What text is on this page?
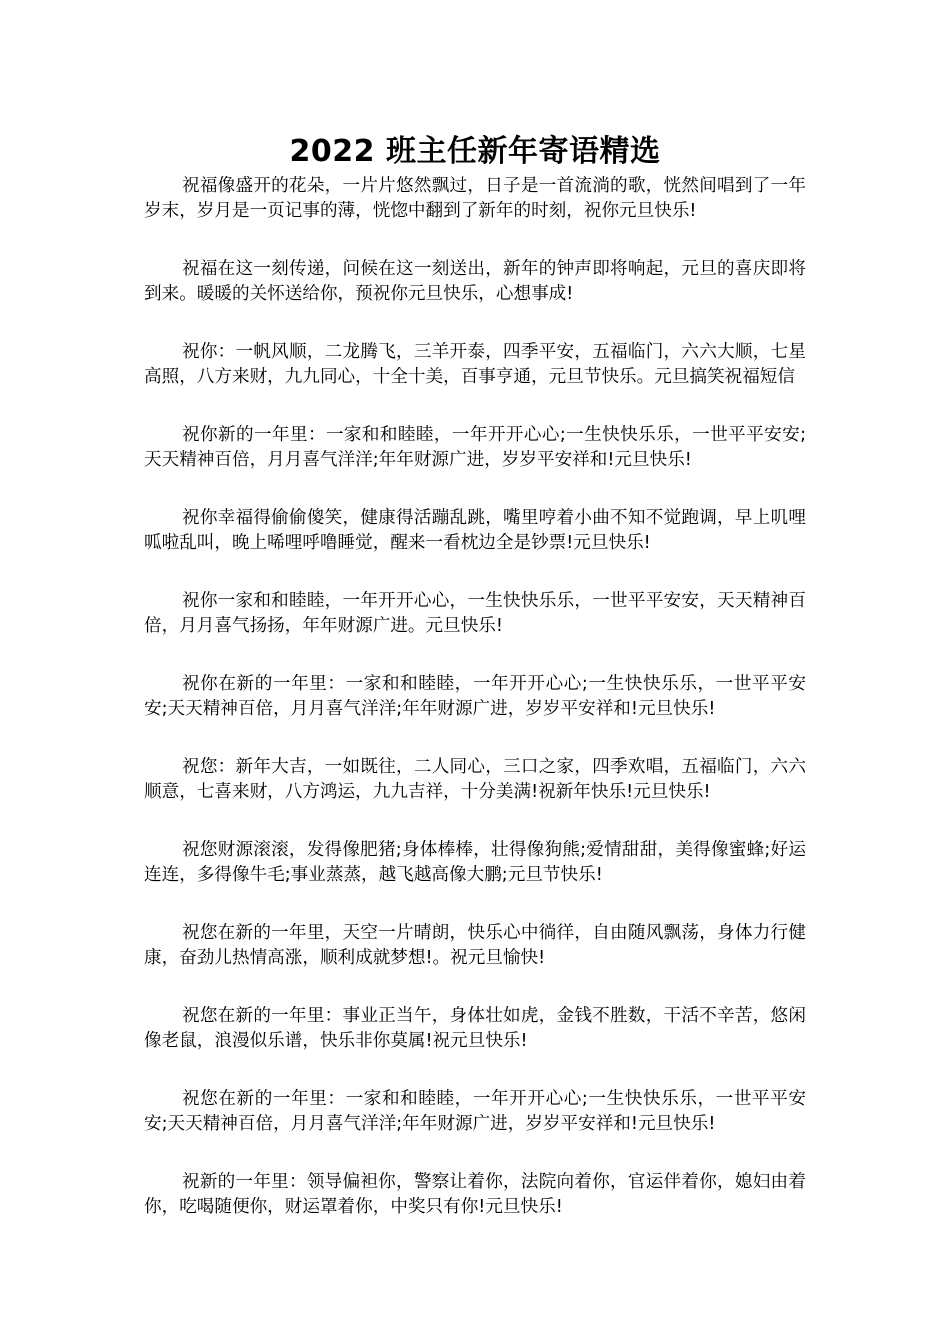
2022 班主任新年寄语精选

祝福像盛开的花朵，一片片悠然飘过，日子是一首流淌的歌，恍然间唱到了一年岁末，岁月是一页记事的薄，恍惚中翻到了新年的时刻，祝你元旦快乐!

祝福在这一刻传递，问候在这一刻送出，新年的钟声即将响起，元旦的喜庆即将到来。暖暖的关怀送给你，预祝你元旦快乐，心想事成!

祝你：一帆风顺，二龙腾飞，三羊开泰，四季平安，五福临门，六六大顺，七星高照，八方来财，九九同心，十全十美，百事亨通，元旦节快乐。元旦搞笑祝福短信

祝你新的一年里：一家和和睦睦，一年开开心心;一生快快乐乐，一世平平安安;天天精神百倍，月月喜气洋洋;年年财源广进，岁岁平安祥和!元旦快乐!

祝你幸福得偷偷傻笑，健康得活蹦乱跳，嘴里哼着小曲不知不觉跑调，早上叽哩呱啦乱叫，晚上唏哩呼噜睡觉，醒来一看枕边全是钞票!元旦快乐!

祝你一家和和睦睦，一年开开心心，一生快快乐乐，一世平平安安，天天精神百倍，月月喜气扬扬，年年财源广进。元旦快乐!

祝你在新的一年里：一家和和睦睦，一年开开心心;一生快快乐乐，一世平平安安;天天精神百倍，月月喜气洋洋;年年财源广进，岁岁平安祥和!元旦快乐!

祝您：新年大吉，一如既往，二人同心，三口之家，四季欢唱，五福临门，六六顺意，七喜来财，八方鸿运，九九吉祥，十分美满!祝新年快乐!元旦快乐!

祝您财源滚滚，发得像肥猪;身体棒棒，壮得像狗熊;爱情甜甜，美得像蜜蜂;好运连连，多得像牛毛;事业蒸蒸，越飞越高像大鹏;元旦节快乐!

祝您在新的一年里，天空一片晴朗，快乐心中徜徉，自由随风飘荡，身体力行健康，奋劲儿热情高涨，顺利成就梦想!。祝元旦愉快!

祝您在新的一年里：事业正当午，身体壮如虎，金钱不胜数，干活不辛苦，悠闲像老鼠，浪漫似乐谱，快乐非你莫属!祝元旦快乐!

祝您在新的一年里：一家和和睦睦，一年开开心心;一生快快乐乐，一世平平安安;天天精神百倍，月月喜气洋洋;年年财源广进，岁岁平安祥和!元旦快乐!

祝新的一年里：领导偏袒你，警察让着你，法院向着你，官运伴着你，媳妇由着你，吃喝随便你，财运罩着你，中奖只有你!元旦快乐!
